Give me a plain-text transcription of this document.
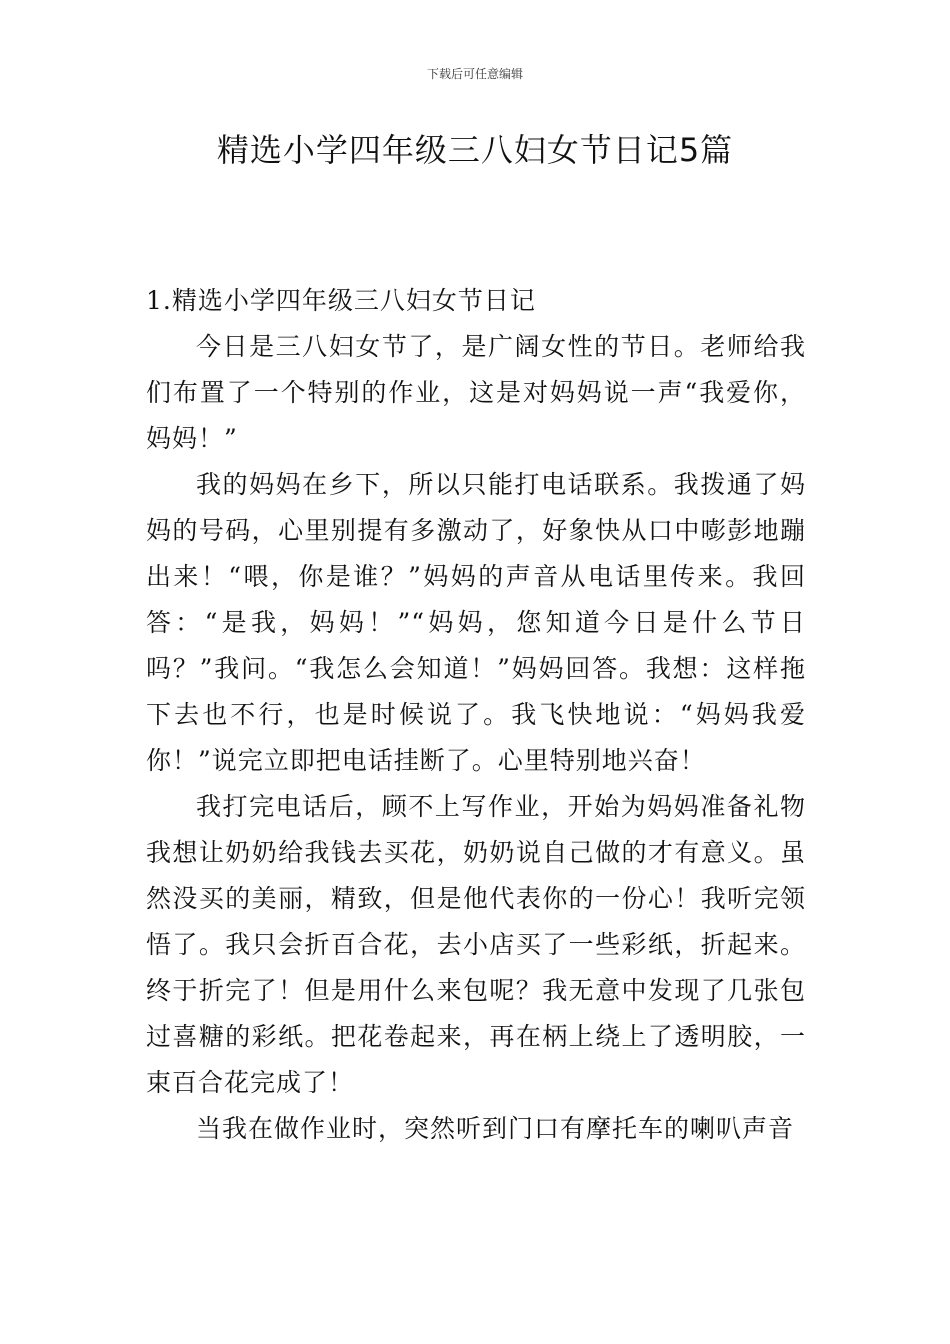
下载后可任意编辑
精选小学四年级三八妇女节日记5篇
1.精选小学四年级三八妇女节日记

今日是三八妇女节了，是广阔女性的节日。老师给我们布置了一个特别的作业，这是对妈妈说一声“我爱你，妈妈！”

我的妈妈在乡下，所以只能打电话联系。我拨通了妈妈的号码，心里别提有多激动了，好象快从口中嘭彭地蹦出来！“喂，你是谁？”妈妈的声音从电话里传来。我回答：“是我，妈妈！”“妈妈，您知道今日是什么节日吗？”我问。“我怎么会知道！”妈妈回答。我想：这样拖下去也不行，也是时候说了。我飞快地说：“妈妈我爱你！”说完立即把电话挂断了。心里特别地兴奋！

我打完电话后，顾不上写作业，开始为妈妈准备礼物我想让奶奶给我钱去买花，奶奶说自己做的才有意义。虽然没买的美丽，精致，但是他代表你的一份心！我听完领悟了。我只会折百合花，去小店买了一些彩纸，折起来。终于折完了！但是用什么来包呢？我无意中发现了几张包过喜糖的彩纸。把花卷起来，再在柄上绕上了透明胶，一束百合花完成了！

当我在做作业时，突然听到门口有摩托车的喇叭声音
